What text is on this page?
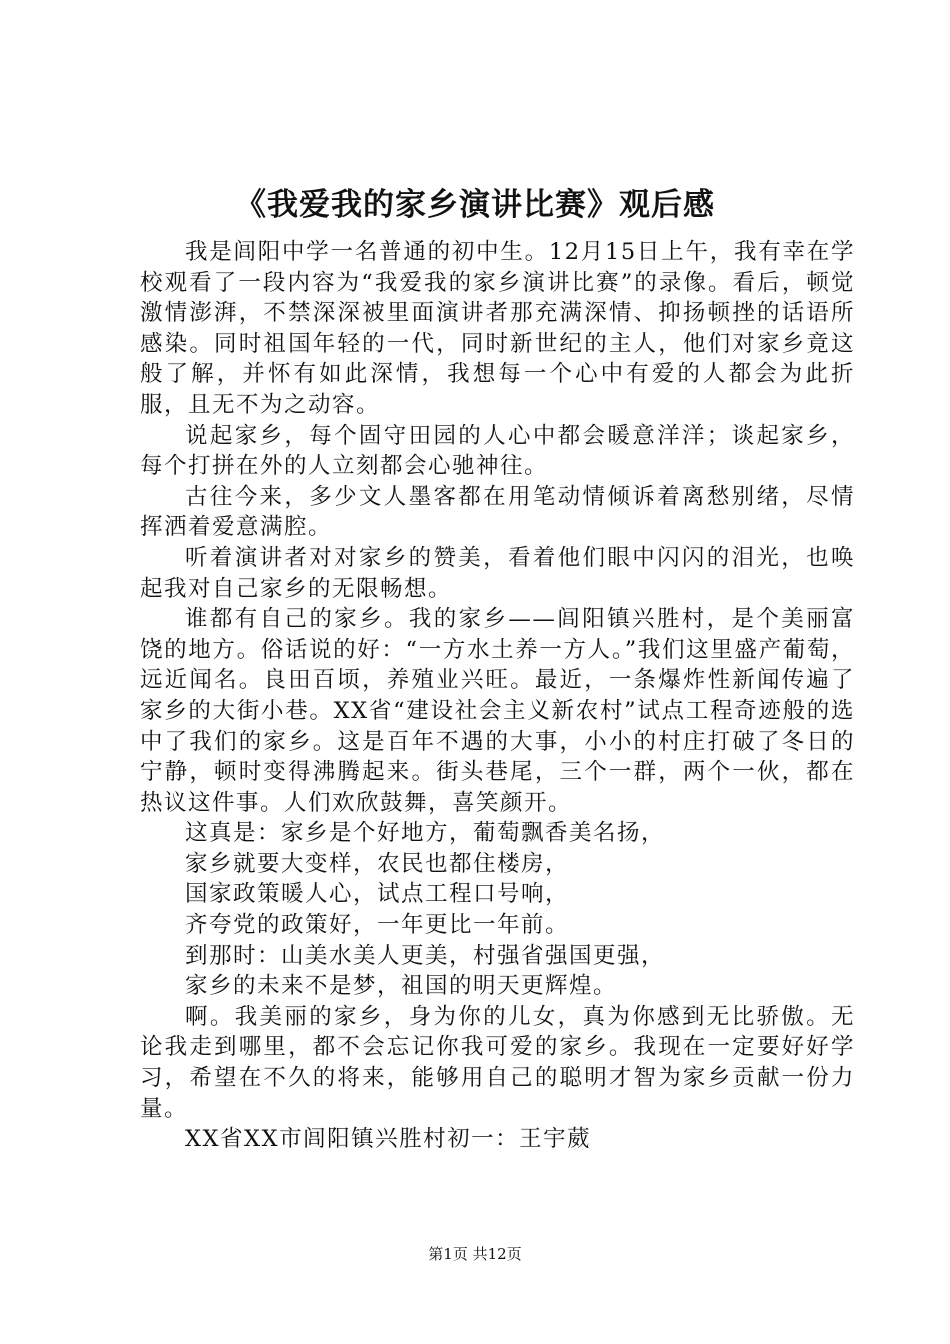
《我爱我的家乡演讲比赛》观后感

我是闾阳中学一名普通的初中生。12月15日上午，我有幸在学校观看了一段内容为“我爱我的家乡演讲比赛”的录像。看后，顿觉激情澎湃，不禁深深被里面演讲者那充满深情、抑扬顿挫的话语所感染。同时祖国年轻的一代，同时新世纪的主人，他们对家乡竟这般了解，并怀有如此深情，我想每一个心中有爱的人都会为此折服，且无不为之动容。

说起家乡，每个固守田园的人心中都会暖意洋洋；谈起家乡，每个打拼在外的人立刻都会心驰神往。

古往今来，多少文人墨客都在用笔动情倾诉着离愁别绪，尽情挥洒着爱意满腔。

听着演讲者对对家乡的赞美，看着他们眼中闪闪的泪光，也唤起我对自己家乡的无限畅想。

谁都有自己的家乡。我的家乡——闾阳镇兴胜村，是个美丽富饶的地方。俗话说的好：“一方水土养一方人。”我们这里盛产葡萄，远近闻名。良田百顷，养殖业兴旺。最近，一条爆炸性新闻传遍了家乡的大街小巷。XX省“建设社会主义新农村”试点工程奇迹般的选中了我们的家乡。这是百年不遇的大事，小小的村庄打破了冬日的宁静，顿时变得沸腾起来。街头巷尾，三个一群，两个一伙，都在热议这件事。人们欢欣鼓舞，喜笑颜开。

这真是：家乡是个好地方，葡萄飘香美名扬，

家乡就要大变样，农民也都住楼房，

国家政策暖人心，试点工程口号响，

齐夸党的政策好，一年更比一年前。

到那时：山美水美人更美，村强省强国更强，

家乡的未来不是梦，祖国的明天更辉煌。

啊。我美丽的家乡，身为你的儿女，真为你感到无比骄傲。无论我走到哪里，都不会忘记你我可爱的家乡。我现在一定要好好学习，希望在不久的将来，能够用自己的聪明才智为家乡贡献一份力量。

XX省XX市闾阳镇兴胜村初一：王宇葳

第1页 共12页
